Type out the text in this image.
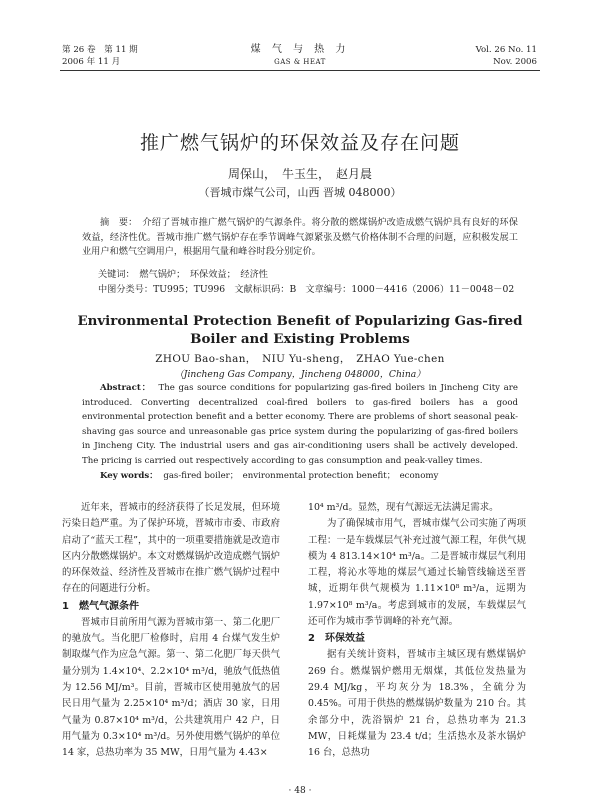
第 26 卷　第 11 期
2006 年 11 月
煤 气 与 热 力
GAS & HEAT
Vol. 26 No. 11
Nov. 2006
推广燃气锅炉的环保效益及存在问题
周保山，　牛玉生，　赵月晨
（晋城市煤气公司，山西 晋城 048000）

摘　要：　介绍了晋城市推广燃气锅炉的气源条件。将分散的燃煤锅炉改造成燃气锅炉具有良好的环保效益，经济性优。晋城市推广燃气锅炉存在季节调峰气源紧张及燃气价格体制不合理的问题，应积极发展工业用户和燃气空调用户，根据用气量和峰谷时段分别定价。

关键词：　燃气锅炉；　环保效益；　经济性
中图分类号：TU995；TU996　文献标识码：B　文章编号：1000－4416（2006）11－0048－02
Environmental Protection Benefit of Popularizing Gas-fired
Boiler and Existing Problems
ZHOU Bao-shan，　NIU Yu-sheng，　ZHAO Yue-chen
（Jincheng Gas Company，Jincheng 048000，China）

Abstract： The gas source conditions for popularizing gas-fired boilers in Jincheng City are introduced. Converting decentralized coal-fired boilers to gas-fired boilers has a good environmental protection benefit and a better economy. There are problems of short seasonal peak-shaving gas source and unreasonable gas price system during the popularizing of gas-fired boilers in Jincheng City. The industrial users and gas air-conditioning users shall be actively developed. The pricing is carried out respectively according to gas consumption and peak-valley times.

Key words： gas-fired boiler；　environmental protection benefit；　economy

近年来，晋城市的经济获得了长足发展，但环境污染日趋严重。为了保护环境，晋城市市委、市政府启动了“蓝天工程”，其中的一项重要措施就是改造市区内分散燃煤锅炉。本文对燃煤锅炉改造成燃气锅炉的环保效益、经济性及晋城市在推广燃气锅炉过程中存在的问题进行分析。

1　燃气气源条件

晋城市目前所用气源为晋城市第一、第二化肥厂的驰放气。当化肥厂检修时，启用 4 台煤气发生炉制取煤气作为应急气源。第一、第二化肥厂每天供气量分别为 1.4×10⁴、2.2×10⁴ m³/d，驰放气低热值为 12.56 MJ/m³。目前，晋城市区使用驰放气的居民日用气量为 2.25×10⁴ m³/d；酒店 30 家，日用气量为 0.87×10⁴ m³/d，公共建筑用户 42 户，日用气量为 0.3×10⁴ m³/d。另外使用燃气锅炉的单位 14 家，总热功率为 35 MW，日用气量为 4.43×

10⁴ m³/d。显然，现有气源远无法满足需求。

为了确保城市用气，晋城市煤气公司实施了两项工程：一是车载煤层气补充过渡气源工程，年供气规模为 4 813.14×10⁴ m³/a。二是晋城市煤层气利用工程，将沁水等地的煤层气通过长输管线输送至晋城，近期年供气规模为 1.11×10⁸ m³/a，远期为 1.97×10⁸ m³/a。考虑到城市的发展，车载煤层气还可作为城市季节调峰的补充气源。

2　环保效益

据有关统计资料，晋城市主城区现有燃煤锅炉 269 台。燃煤锅炉燃用无烟煤，其低位发热量为 29.4 MJ/kg，平均灰分为 18.3%，全硫分为 0.45%。可用于供热的燃煤锅炉数量为 210 台。其余部分中，洗浴锅炉 21 台，总热功率为 21.3 MW，日耗煤量为 23.4 t/d；生活热水及茶水锅炉 16 台，总热功

· 48 ·
